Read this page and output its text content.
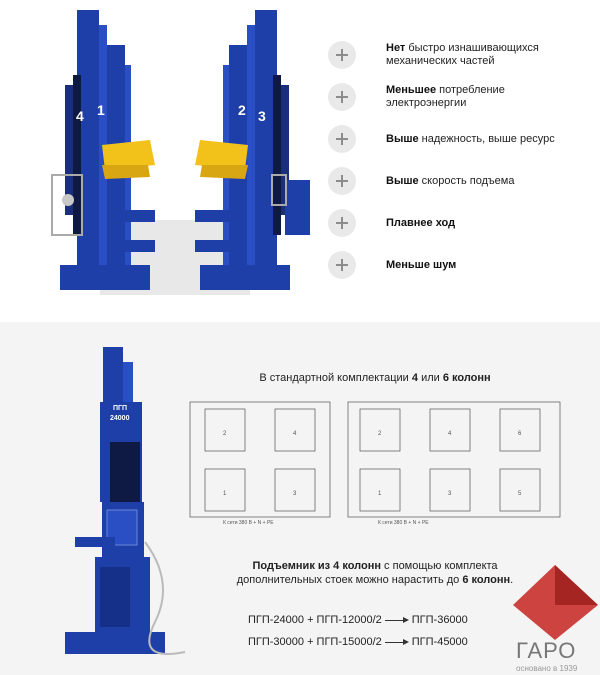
4 1	2 3
Нет быстро изнашивающихся механических частей
Меньшее потребление электроэнергии
Выше надежность, выше ресурс
Выше скорость подъема
Плавнее ход
Меньше шум
ПГП
24000
В стандартной комплектации 4 или 6 колонн
2	4
1	3
2	4	6
1	3	5
К сети 380 В + N + PE	К сети 380 В + N + PE
Подъемник из 4 колонн с помощью комплекта дополнительных стоек можно нарастить до 6 колонн.
ПГП-24000 + ПГП-12000/2	ПГП-36000
ПГП-30000 + ПГП-15000/2	ПГП-45000 ГАРО
основано в 1939
